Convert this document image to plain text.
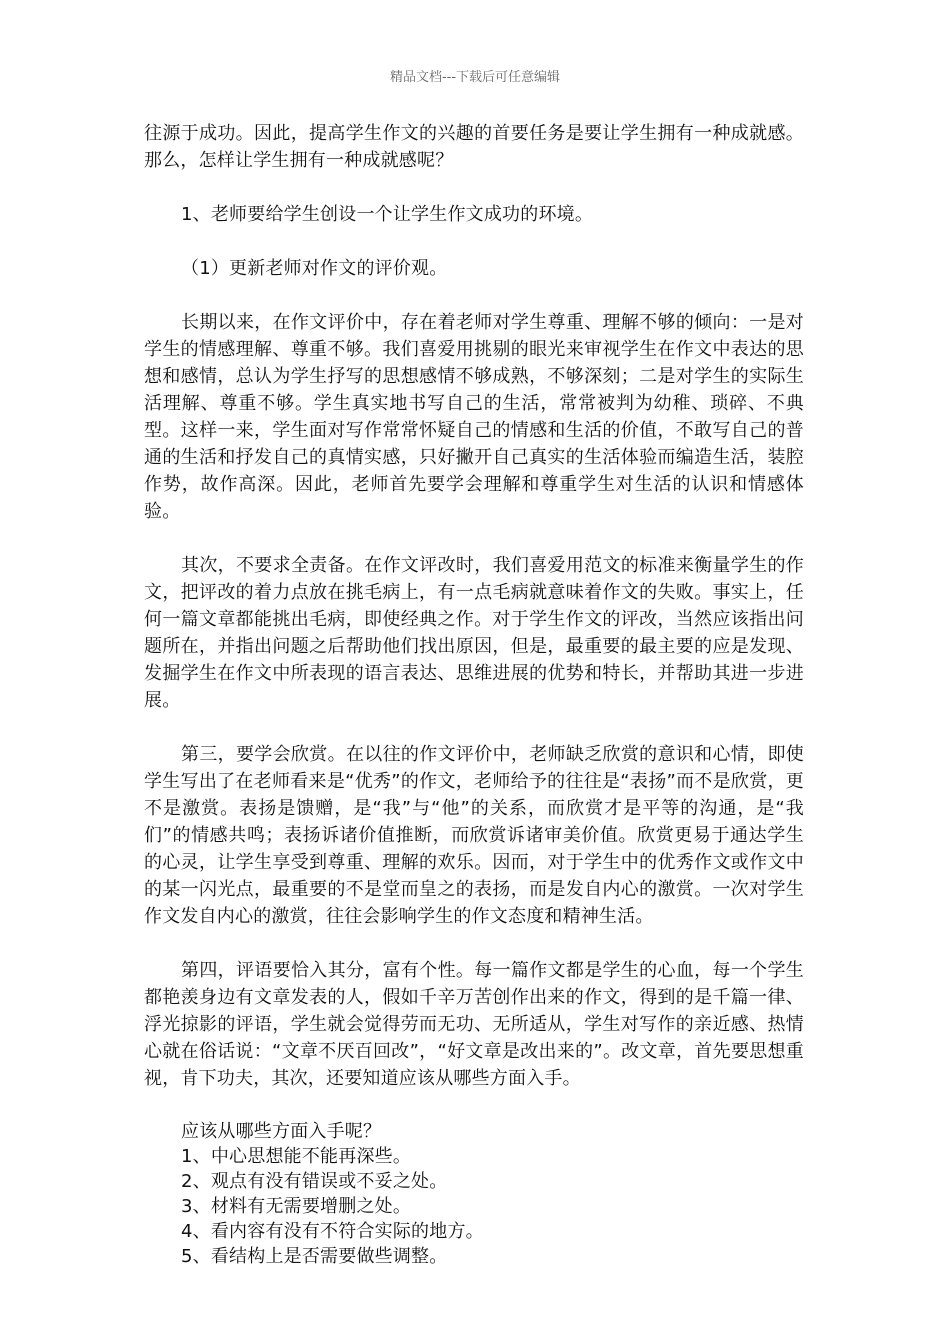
精品文档---下载后可任意编辑

往源于成功。因此，提高学生作文的兴趣的首要任务是要让学生拥有一种成就感。那么，怎样让学生拥有一种成就感呢？

1、老师要给学生创设一个让学生作文成功的环境。

（1）更新老师对作文的评价观。

长期以来，在作文评价中，存在着老师对学生尊重、理解不够的倾向：一是对学生的情感理解、尊重不够。我们喜爱用挑剔的眼光来审视学生在作文中表达的思想和感情，总认为学生抒写的思想感情不够成熟，不够深刻；二是对学生的实际生活理解、尊重不够。学生真实地书写自己的生活，常常被判为幼稚、琐碎、不典型。这样一来，学生面对写作常常怀疑自己的情感和生活的价值，不敢写自己的普通的生活和抒发自己的真情实感，只好撇开自己真实的生活体验而编造生活，装腔作势，故作高深。因此，老师首先要学会理解和尊重学生对生活的认识和情感体验。

其次，不要求全责备。在作文评改时，我们喜爱用范文的标准来衡量学生的作文，把评改的着力点放在挑毛病上，有一点毛病就意味着作文的失败。事实上，任何一篇文章都能挑出毛病，即使经典之作。对于学生作文的评改，当然应该指出问题所在，并指出问题之后帮助他们找出原因，但是，最重要的最主要的应是发现、发掘学生在作文中所表现的语言表达、思维进展的优势和特长，并帮助其进一步进展。

第三，要学会欣赏。在以往的作文评价中，老师缺乏欣赏的意识和心情，即使学生写出了在老师看来是“优秀”的作文，老师给予的往往是“表扬”而不是欣赏，更不是激赏。表扬是馈赠，是“我”与“他”的关系，而欣赏才是平等的沟通，是“我们”的情感共鸣；表扬诉诸价值推断，而欣赏诉诸审美价值。欣赏更易于通达学生的心灵，让学生享受到尊重、理解的欢乐。因而，对于学生中的优秀作文或作文中的某一闪光点，最重要的不是堂而皇之的表扬，而是发自内心的激赏。一次对学生作文发自内心的激赏，往往会影响学生的作文态度和精神生活。

第四，评语要恰入其分，富有个性。每一篇作文都是学生的心血，每一个学生都艳羡身边有文章发表的人，假如千辛万苦创作出来的作文，得到的是千篇一律、浮光掠影的评语，学生就会觉得劳而无功、无所适从，学生对写作的亲近感、热情心就在俗话说：“文章不厌百回改”，“好文章是改出来的”。改文章，首先要思想重视，肯下功夫，其次，还要知道应该从哪些方面入手。

应该从哪些方面入手呢？
1、中心思想能不能再深些。
2、观点有没有错误或不妥之处。
3、材料有无需要增删之处。
4、看内容有没有不符合实际的地方。
5、看结构上是否需要做些调整。
